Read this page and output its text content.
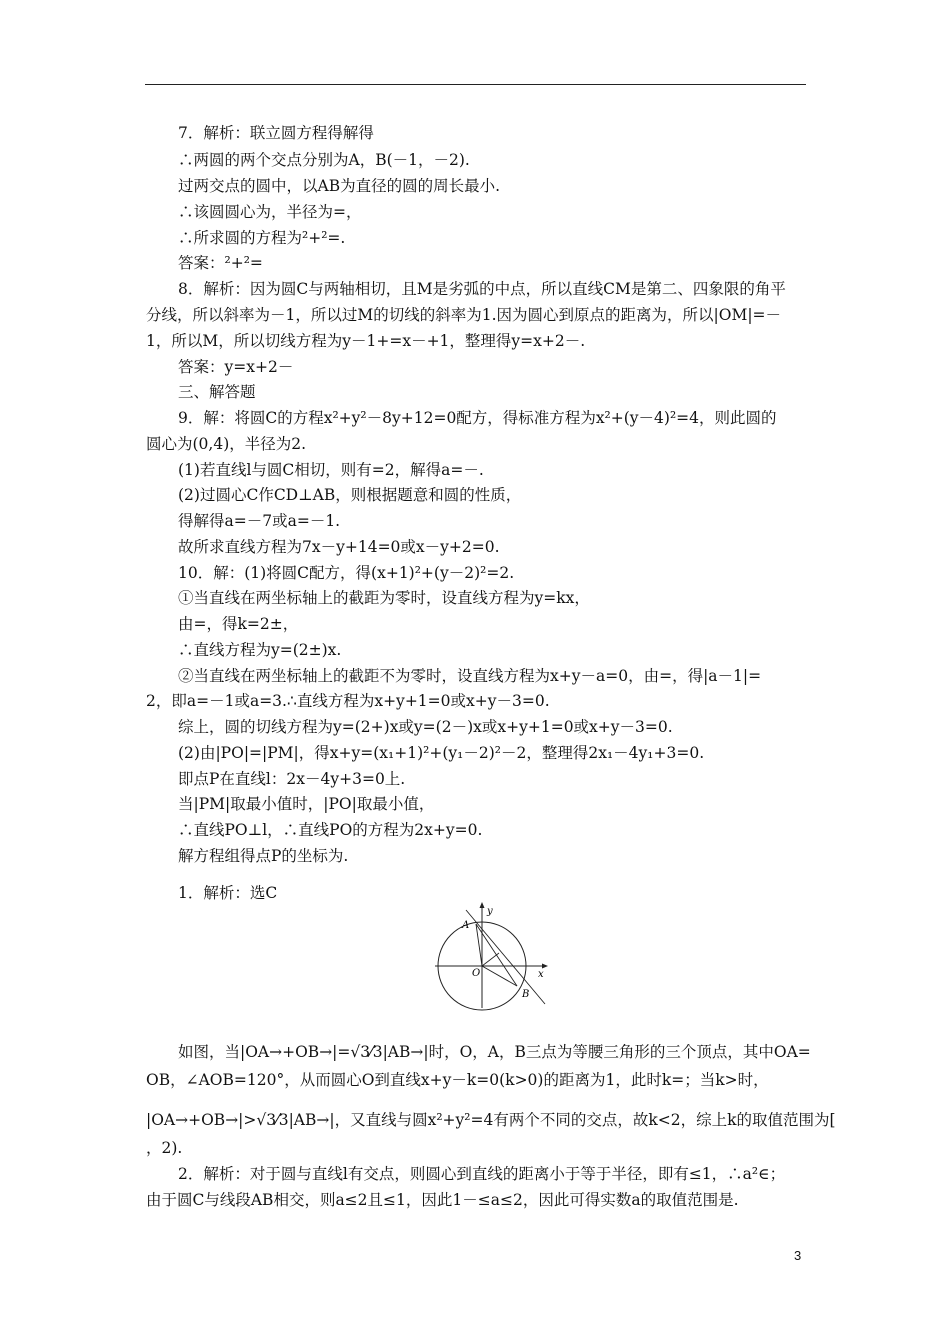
7．解析：联立圆方程得解得
∴两圆的两个交点分别为A，B(－1，－2).
过两交点的圆中，以AB为直径的圆的周长最小.
∴该圆圆心为，半径为=，
∴所求圆的方程为²+²=.
答案：²+²=
8．解析：因为圆C与两轴相切，且M是劣弧的中点，所以直线CM是第二、四象限的角平
分线，所以斜率为－1，所以过M的切线的斜率为1.因为圆心到原点的距离为，所以|OM|=－
1，所以M，所以切线方程为y－1+=x－+1，整理得y=x+2－.
答案：y=x+2－
三、解答题
9．解：将圆C的方程x²+y²－8y+12=0配方，得标准方程为x²+(y－4)²=4，则此圆的
圆心为(0,4)，半径为2.
(1)若直线l与圆C相切，则有=2，解得a=－.
(2)过圆心C作CD⊥AB，则根据题意和圆的性质，
得解得a=－7或a=－1.
故所求直线方程为7x－y+14=0或x－y+2=0.
10．解：(1)将圆C配方，得(x+1)²+(y－2)²=2.
①当直线在两坐标轴上的截距为零时，设直线方程为y=kx，
由=，得k=2±，
∴直线方程为y=(2±)x.
②当直线在两坐标轴上的截距不为零时，设直线方程为x+y－a=0，由=，得|a－1|=
2，即a=－1或a=3.∴直线方程为x+y+1=0或x+y－3=0.
综上，圆的切线方程为y=(2+)x或y=(2－)x或x+y+1=0或x+y－3=0.
(2)由|PO|=|PM|，得x+y=(x₁+1)²+(y₁－2)²－2，整理得2x₁－4y₁+3=0.
即点P在直线l：2x－4y+3=0上.
当|PM|取最小值时，|PO|取最小值，
∴直线PO⊥l，∴直线PO的方程为2x+y=0.
解方程组得点P的坐标为.
1．解析：选C
如图，当|OA→+OB→|=√3⁄3|AB→|时，O，A，B三点为等腰三角形的三个顶点，其中OA=
OB，∠AOB=120°，从而圆心O到直线x+y－k=0(k>0)的距离为1，此时k=；当k>时，
|OA→+OB→|>√3⁄3|AB→|，又直线与圆x²+y²=4有两个不同的交点，故k<2，综上k的取值范围为[
，2).
2．解析：对于圆与直线l有交点，则圆心到直线的距离小于等于半径，即有≤1，∴a²∈；
由于圆C与线段AB相交，则a≤2且≤1，因此1－≤a≤2，因此可得实数a的取值范围是.
y
x
O
A
B
3
